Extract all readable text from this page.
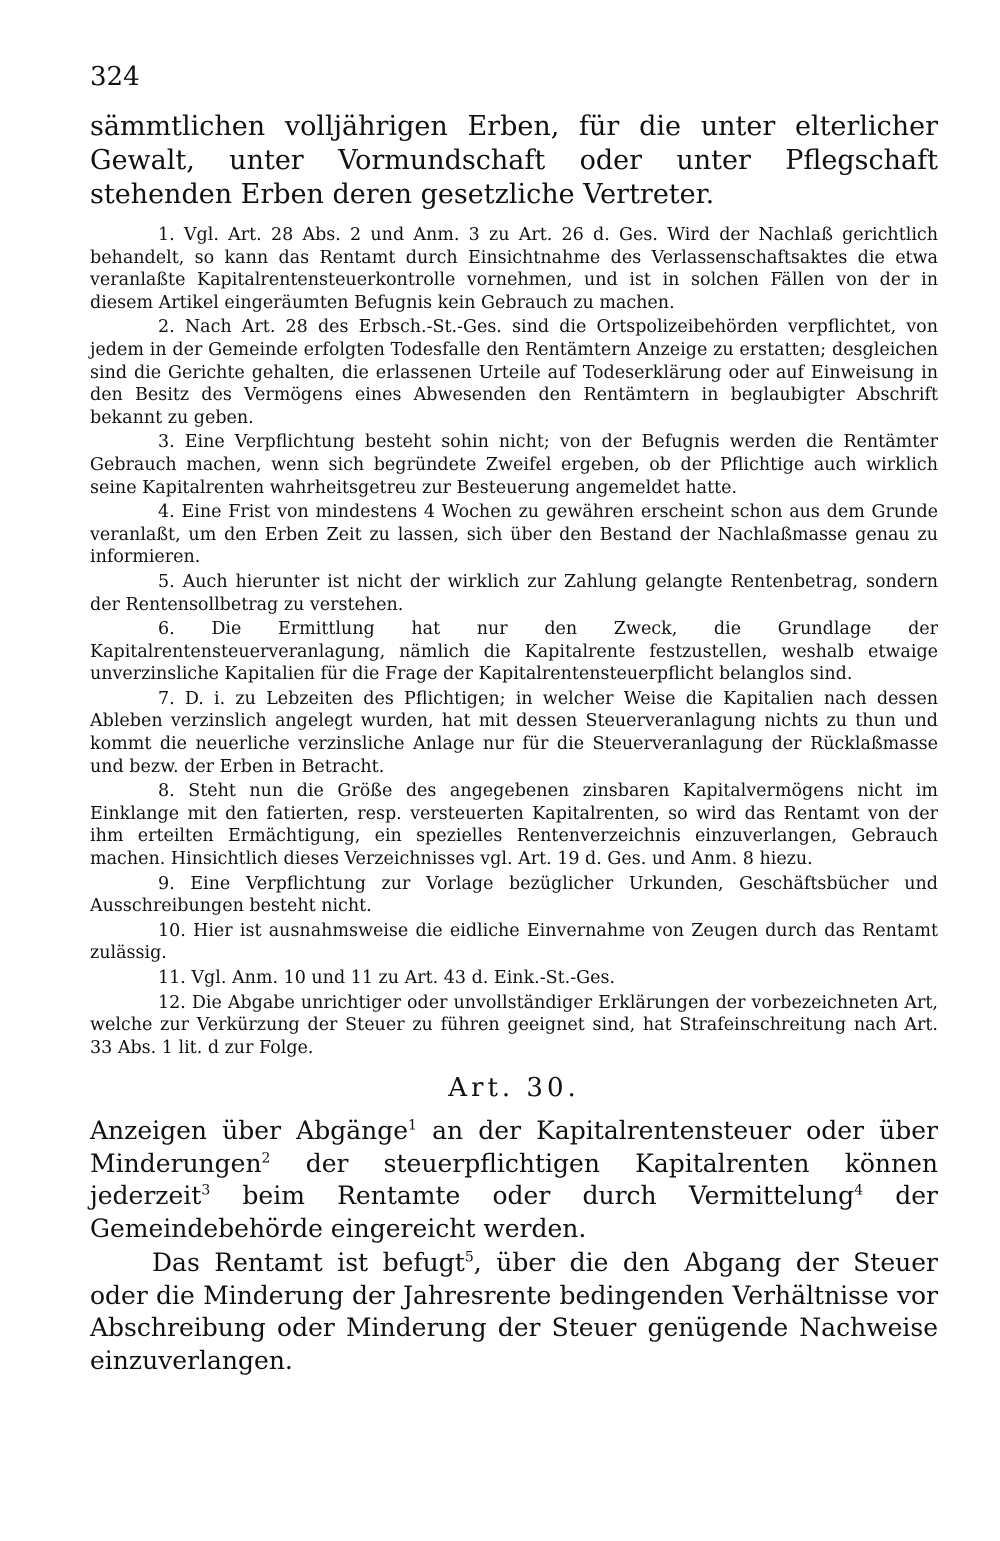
324

sämmtlichen volljährigen Erben, für die unter elterlicher Gewalt, unter Vormundschaft oder unter Pflegschaft stehenden Erben deren gesetzliche Vertreter.

1. Vgl. Art. 28 Abs. 2 und Anm. 3 zu Art. 26 d. Ges. Wird der Nachlaß gerichtlich behandelt, so kann das Rentamt durch Einsichtnahme des Verlassenschaftsaktes die etwa veranlaßte Kapitalrentensteuerkontrolle vornehmen, und ist in solchen Fällen von der in diesem Artikel eingeräumten Befugnis kein Gebrauch zu machen.

2. Nach Art. 28 des Erbsch.-St.-Ges. sind die Ortspolizeibehörden verpflichtet, von jedem in der Gemeinde erfolgten Todesfalle den Rentämtern Anzeige zu erstatten; desgleichen sind die Gerichte gehalten, die erlassenen Urteile auf Todeserklärung oder auf Einweisung in den Besitz des Vermögens eines Abwesenden den Rentämtern in beglaubigter Abschrift bekannt zu geben.

3. Eine Verpflichtung besteht sohin nicht; von der Befugnis werden die Rentämter Gebrauch machen, wenn sich begründete Zweifel ergeben, ob der Pflichtige auch wirklich seine Kapitalrenten wahrheitsgetreu zur Besteuerung angemeldet hatte.

4. Eine Frist von mindestens 4 Wochen zu gewähren erscheint schon aus dem Grunde veranlaßt, um den Erben Zeit zu lassen, sich über den Bestand der Nachlaßmasse genau zu informieren.

5. Auch hierunter ist nicht der wirklich zur Zahlung gelangte Rentenbetrag, sondern der Rentensollbetrag zu verstehen.

6. Die Ermittlung hat nur den Zweck, die Grundlage der Kapitalrentensteuerveranlagung, nämlich die Kapitalrente festzustellen, weshalb etwaige unverzinsliche Kapitalien für die Frage der Kapitalrentensteuerpflicht belanglos sind.

7. D. i. zu Lebzeiten des Pflichtigen; in welcher Weise die Kapitalien nach dessen Ableben verzinslich angelegt wurden, hat mit dessen Steuerveranlagung nichts zu thun und kommt die neuerliche verzinsliche Anlage nur für die Steuerveranlagung der Rücklaßmasse und bezw. der Erben in Betracht.

8. Steht nun die Größe des angegebenen zinsbaren Kapitalvermögens nicht im Einklange mit den fatierten, resp. versteuerten Kapitalrenten, so wird das Rentamt von der ihm erteilten Ermächtigung, ein spezielles Rentenverzeichnis einzuverlangen, Gebrauch machen. Hinsichtlich dieses Verzeichnisses vgl. Art. 19 d. Ges. und Anm. 8 hiezu.

9. Eine Verpflichtung zur Vorlage bezüglicher Urkunden, Geschäftsbücher und Ausschreibungen besteht nicht.

10. Hier ist ausnahmsweise die eidliche Einvernahme von Zeugen durch das Rentamt zulässig.

11. Vgl. Anm. 10 und 11 zu Art. 43 d. Eink.-St.-Ges.

12. Die Abgabe unrichtiger oder unvollständiger Erklärungen der vorbezeichneten Art, welche zur Verkürzung der Steuer zu führen geeignet sind, hat Strafeinschreitung nach Art. 33 Abs. 1 lit. d zur Folge.

Art. 30.

Anzeigen über Abgänge$^1$ an der Kapitalrentensteuer oder über Minderungen$^2$ der steuerpflichtigen Kapitalrenten können jederzeit$^3$ beim Rentamte oder durch Vermittelung$^4$ der Gemeindebehörde eingereicht werden.

Das Rentamt ist befugt$^5$, über die den Abgang der Steuer oder die Minderung der Jahresrente bedingenden Verhältnisse vor Abschreibung oder Minderung der Steuer genügende Nachweise einzuverlangen.
